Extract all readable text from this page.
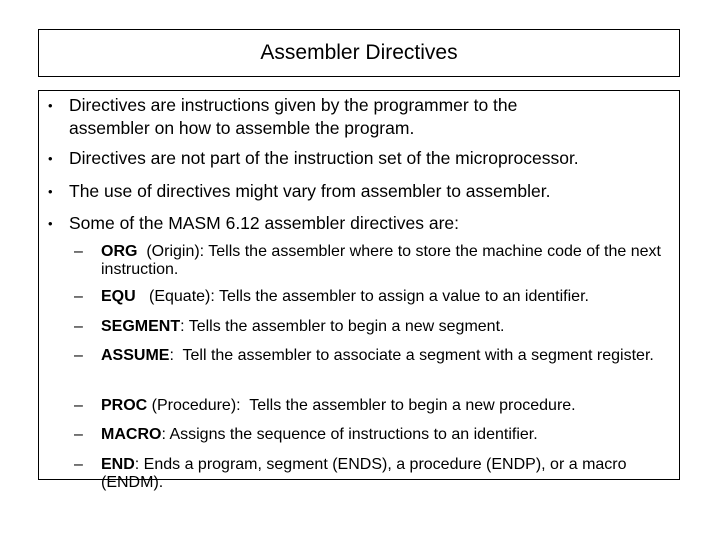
Assembler Directives
• Directives are instructions given by the programmer to the assembler on how to assemble the program.
• Directives are not part of the instruction set of the microprocessor.
• The use of directives might vary from assembler to assembler.
• Some of the MASM 6.12 assembler directives are:
–	ORG  (Origin): Tells the assembler where to store the machine code of the next instruction.
–	EQU   (Equate): Tells the assembler to assign a value to an identifier.
–	SEGMENT: Tells the assembler to begin a new segment.
–	ASSUME:  Tell the assembler to associate a segment with a segment register.
–	PROC (Procedure):  Tells the assembler to begin a new procedure.
–	MACRO: Assigns the sequence of instructions to an identifier.
–	END: Ends a program, segment (ENDS), a procedure (ENDP), or a macro (ENDM).
